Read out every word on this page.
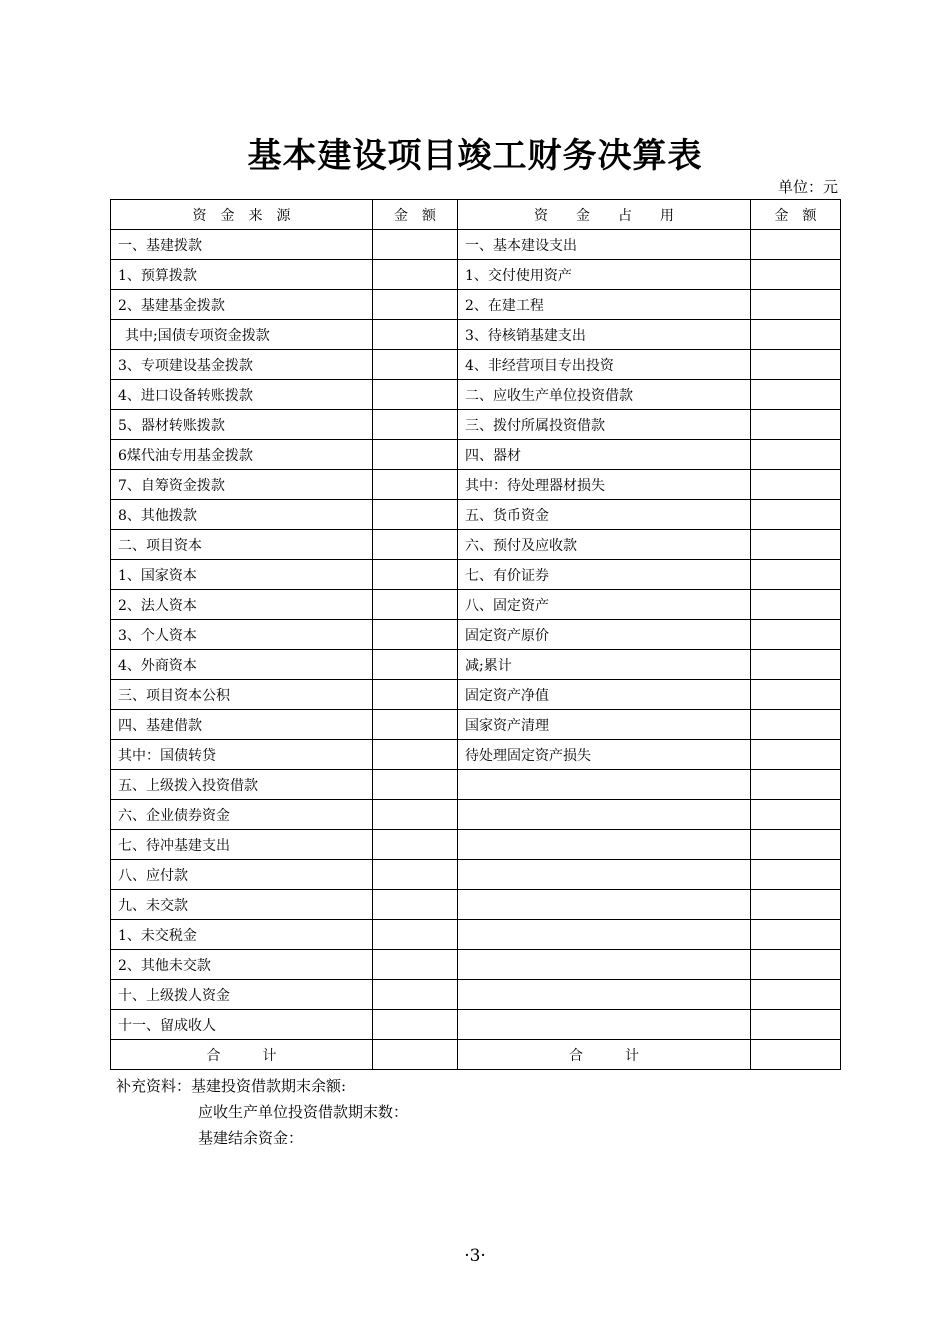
基本建设项目竣工财务决算表
单位：元
资　金　来　源	金　额	资　　金　　占　　用	金　额
一、基建拨款		一、基本建设支出	
1、预算拨款		1、交付使用资产	
2、基建基金拨款		2、在建工程	
其中;国债专项资金拨款		3、待核销基建支出	
3、专项建设基金拨款		4、非经营项目专出投资	
4、进口设备转账拨款		二、应收生产单位投资借款	
5、器材转账拨款		三、拨付所属投资借款	
6煤代油专用基金拨款		四、器材	
7、自筹资金拨款		其中：待处理器材损失	
8、其他拨款		五、货币资金	
二、项目资本		六、预付及应收款	
1、国家资本		七、有价证券	
2、法人资本		八、固定资产	
3、个人资本		固定资产原价	
4、外商资本		减;累计	
三、项目资本公积		固定资产净值	
四、基建借款		国家资产清理	
其中：国债转贷		待处理固定资产损失	
五、上级拨入投资借款			
六、企业债券资金			
七、待冲基建支出			
八、应付款			
九、未交款			
1、未交税金			
2、其他未交款			
十、上级拨人资金			
十一、留成收人			
合　　　计		合　　　计	
补充资料：基建投资借款期末余额:
应收生产单位投资借款期末数：
基建结余资金：
·3·
